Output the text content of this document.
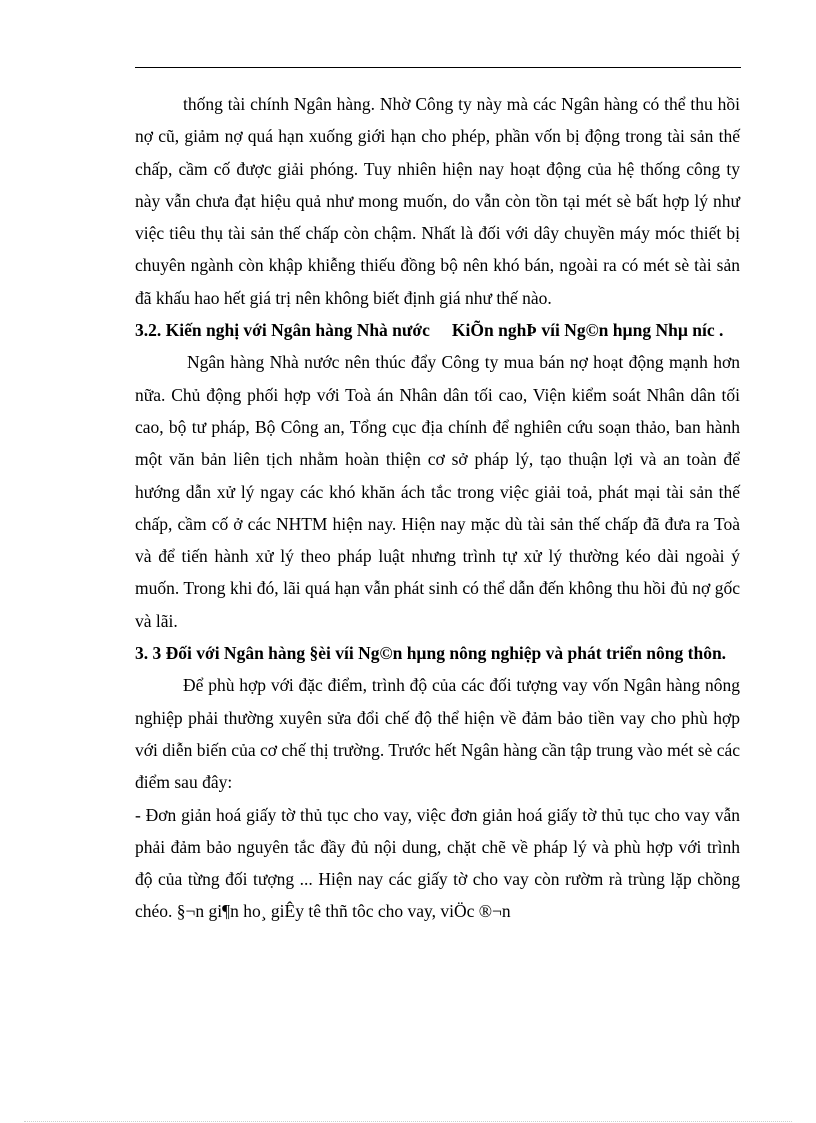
thống tài chính Ngân hàng. Nhờ Công ty này mà các Ngân hàng có thể thu hồi nợ cũ, giảm nợ quá hạn xuống giới hạn cho phép, phần vốn bị động trong tài sản thế chấp, cầm cố được giải phóng. Tuy nhiên hiện nay hoạt động của hệ thống công ty này vẫn chưa đạt hiệu quả như mong muốn, do vẫn còn tồn tại mét sè bất hợp lý như việc tiêu thụ tài sản thế chấp còn chậm. Nhất là đối với dây chuyền máy móc thiết bị chuyên ngành còn khập khiễng thiếu đồng bộ nên khó bán, ngoài ra có mét sè tài sản đã khấu hao hết giá trị nên không biết định giá như thế nào.

3.2. Kiến nghị với Ngân hàng Nhà nước KiÕn nghÞ víi Ng©n hµng Nhµ níc .

Ngân hàng Nhà nước nên thúc đẩy Công ty mua bán nợ hoạt động mạnh hơn nữa. Chủ động phối hợp với Toà án Nhân dân tối cao, Viện kiểm soát Nhân dân tối cao, bộ tư pháp, Bộ Công an, Tổng cục địa chính để nghiên cứu soạn thảo, ban hành một văn bản liên tịch nhằm hoàn thiện cơ sở pháp lý, tạo thuận lợi và an toàn để hướng dẫn xử lý ngay các khó khăn ách tắc trong việc giải toả, phát mại tài sản thế chấp, cầm cố ở các NHTM hiện nay. Hiện nay mặc dù tài sản thế chấp đã đưa ra Toà và để tiến hành xử lý theo pháp luật nhưng trình tự xử lý thường kéo dài ngoài ý muốn. Trong khi đó, lãi quá hạn vẫn phát sinh có thể dẫn đến không thu hồi đủ nợ gốc và lãi.

3. 3 Đối với Ngân hàng §èi víi Ng©n hµng nông nghiệp và phát triển nông thôn.

Để phù hợp với đặc điểm, trình độ của các đối tượng vay vốn Ngân hàng nông nghiệp phải thường xuyên sửa đổi chế độ thể hiện về đảm bảo tiền vay cho phù hợp với diễn biến của cơ chế thị trường. Trước hết Ngân hàng cần tập trung vào mét sè các điểm sau đây:

- Đơn giản hoá giấy tờ thủ tục cho vay, việc đơn giản hoá giấy tờ thủ tục cho vay vẫn phải đảm bảo nguyên tắc đầy đủ nội dung, chặt chẽ về pháp lý và phù hợp với trình độ của từng đối tượng ... Hiện nay các giấy tờ cho vay còn rườm rà trùng lặp chồng chéo. §¬n gi¶n ho¸ giÊy tê thñ tôc cho vay, viÖc ®¬n
